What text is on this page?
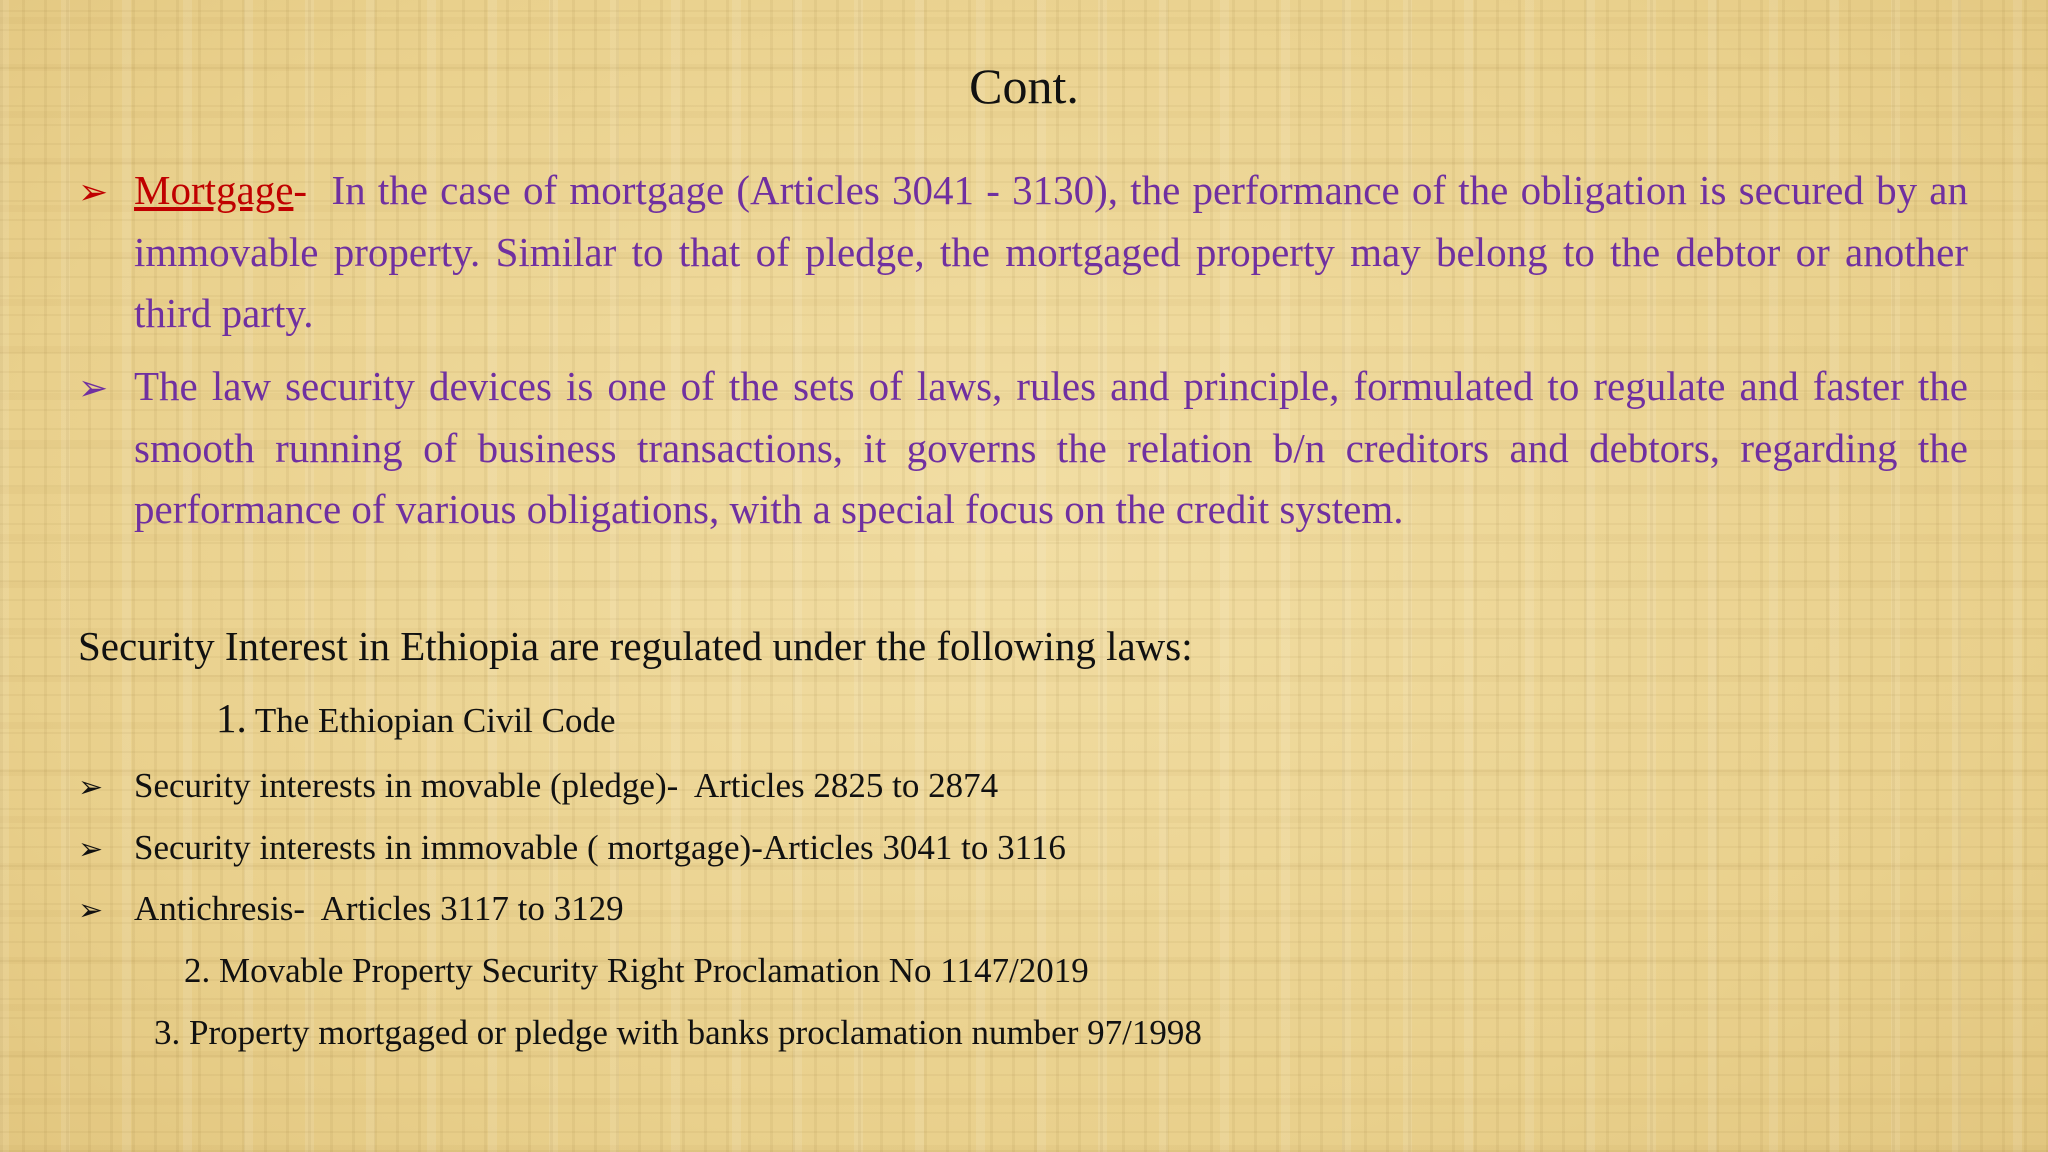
Cont.
➢ Mortgage-  In the case of mortgage (Articles 3041 - 3130), the performance of the obligation is secured by an immovable property. Similar to that of pledge, the mortgaged property may belong to the debtor or another third party.
➢ The law security devices is one of the sets of laws, rules and principle, formulated to regulate and faster the smooth running of business transactions, it governs the relation b/n creditors and debtors, regarding the performance of various obligations, with a special focus on the credit system.
Security Interest in Ethiopia are regulated under the following laws:
1. The Ethiopian Civil Code
➢ Security interests in movable (pledge)-  Articles 2825 to 2874
➢ Security interests in immovable ( mortgage)-Articles 3041 to 3116
➢ Antichresis-  Articles 3117 to 3129
2. Movable Property Security Right Proclamation No 1147/2019
3. Property mortgaged or pledge with banks proclamation number 97/1998
